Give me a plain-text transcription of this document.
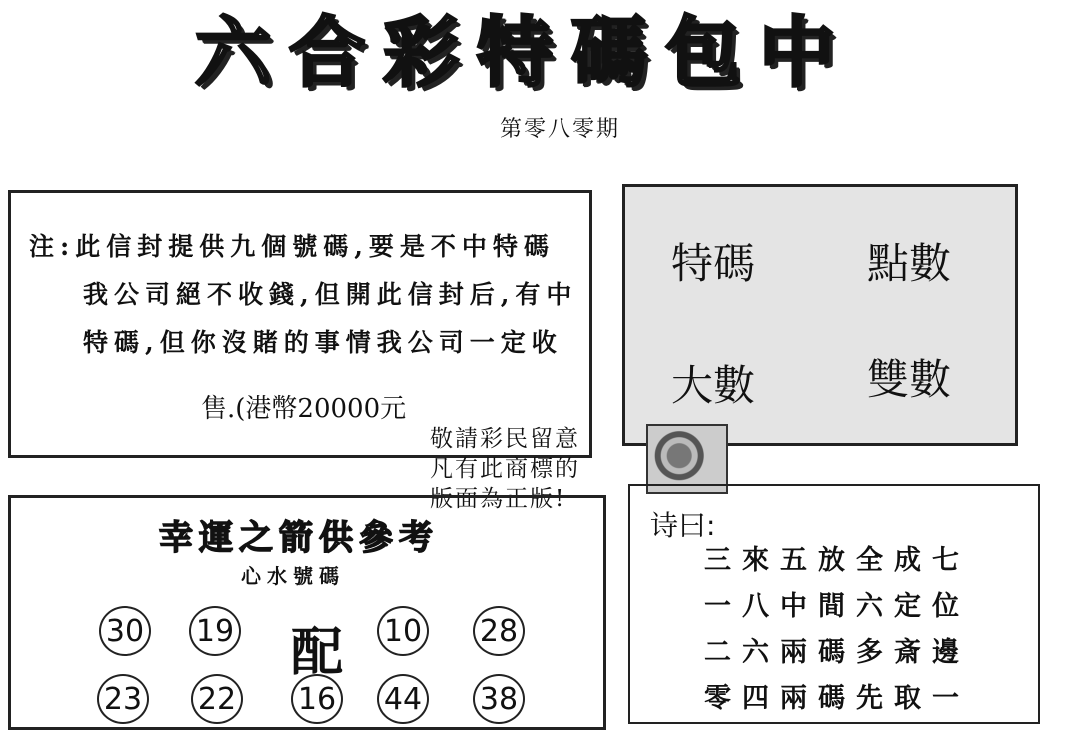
六 合 彩 特 碼 包 中
第零八零期
注:此信封提供九個號碼,要是不中特碼
我公司絕不收錢,但開此信封后,有中
特碼,但你沒賭的事情我公司一定收
售.(港幣20000元
特碼	點數
大數	雙數
敬請彩民留意
凡有此商標的
版面為正版!
幸運之箭供參考
心水號碼
30 19 配 10 28
23 22 16 44 38
诗曰:
三來五放全成七
一八中間六定位
二六兩碼多斎邊
零四兩碼先取一
